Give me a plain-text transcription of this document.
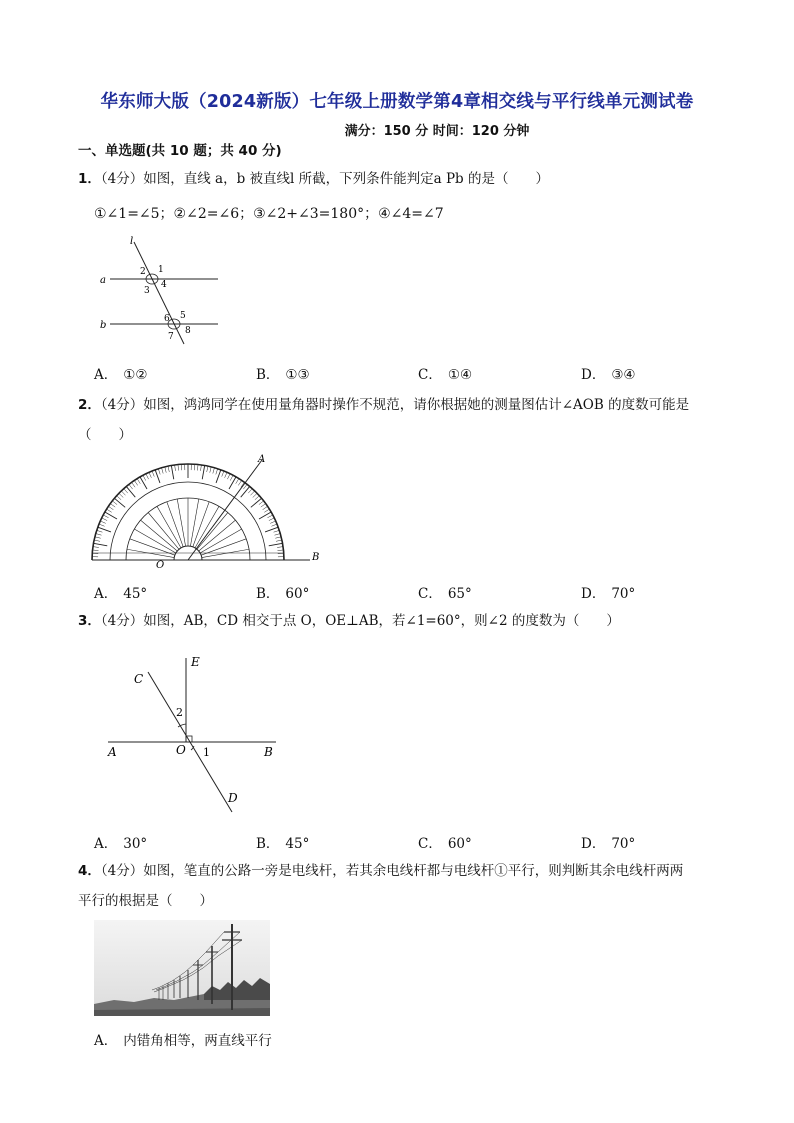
华东师大版（2024新版）七年级上册数学第4章相交线与平行线单元测试卷
满分：150 分 时间：120 分钟
一、单选题(共 10 题；共 40 分)
1．（4分）如图，直线 a，b 被直线l 所截，下列条件能判定a Pb 的是（　　）
①∠1=∠5；②∠2=∠6；③∠2+∠3=180°；④∠4=∠7
l
a
b
1
2
3
4
5
6
7
8
A． ①②	B． ①③	C． ①④	D． ③④
2．（4分）如图，鸿鸿同学在使用量角器时操作不规范，请你根据她的测量图估计∠AOB 的度数可能是
（　　）
A
O
B
A． 45°	B． 60°	C． 65°	D． 70°
3．（4分）如图，AB，CD 相交于点 O，OE⊥AB，若∠1=60°，则∠2 的度数为（　　）
C
E
A	O	B
D
2
1
A． 30°	B． 45°	C． 60°	D． 70°
4．（4分）如图，笔直的公路一旁是电线杆，若其余电线杆都与电线杆①平行，则判断其余电线杆两两
平行的根据是（　　）
A． 内错角相等，两直线平行
